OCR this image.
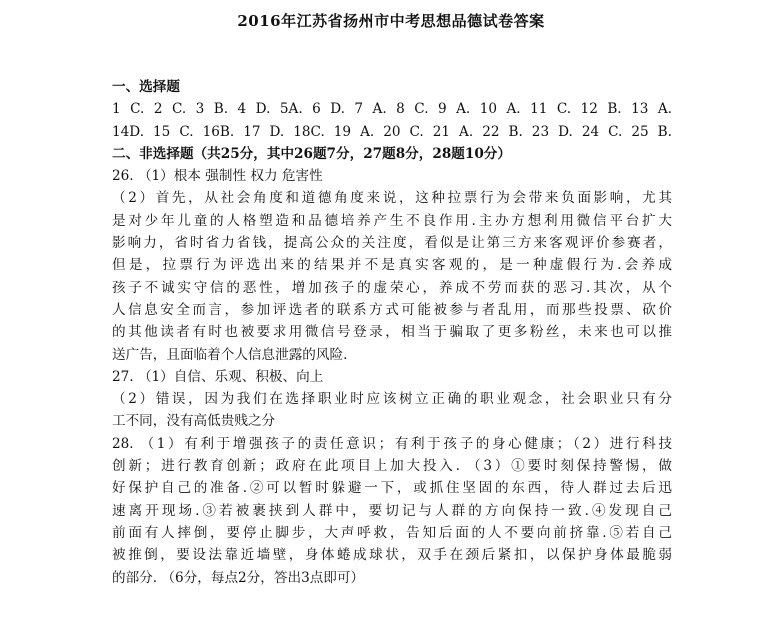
2016年江苏省扬州市中考思想品德试卷答案
一、选择题
1 C. 2 C. 3 B. 4 D. 5A. 6 D. 7 A. 8 C. 9 A. 10 A. 11 C. 12 B. 13 A.
14D. 15 C. 16B. 17 D. 18C. 19 A. 20 C. 21 A. 22 B. 23 D. 24 C. 25 B.
二、非选择题（共25分，其中26题7分，27题8分，28题10分）
26. （1）根本 强制性 权力 危害性
（2）首先，从社会角度和道德角度来说，这种拉票行为会带来负面影响，尤其
是对少年儿童的人格塑造和品德培养产生不良作用.主办方想利用微信平台扩大
影响力，省时省力省钱，提高公众的关注度，看似是让第三方来客观评价参赛者，
但是，拉票行为评选出来的结果并不是真实客观的，是一种虚假行为.会养成
孩子不诚实守信的恶性，增加孩子的虚荣心，养成不劳而获的恶习.其次，从个
人信息安全而言，参加评选者的联系方式可能被参与者乱用，而那些投票、砍价
的其他读者有时也被要求用微信号登录，相当于骗取了更多粉丝，未来也可以推
送广告，且面临着个人信息泄露的风险.
27. （1）自信、乐观、积极、向上
（2）错误，因为我们在选择职业时应该树立正确的职业观念，社会职业只有分
工不同，没有高低贵贱之分
28. （1）有利于增强孩子的责任意识；有利于孩子的身心健康；（2）进行科技
创新；进行教育创新；政府在此项目上加大投入. （3）①要时刻保持警惕，做
好保护自己的准备.②可以暂时躲避一下，或抓住坚固的东西，待人群过去后迅
速离开现场.③若被裹挟到人群中，要切记与人群的方向保持一致.④发现自己
前面有人摔倒，要停止脚步，大声呼救，告知后面的人不要向前挤靠.⑤若自己
被推倒，要设法靠近墙壁，身体蜷成球状，双手在颈后紧扣，以保护身体最脆弱
的部分. （6分，每点2分，答出3点即可）
